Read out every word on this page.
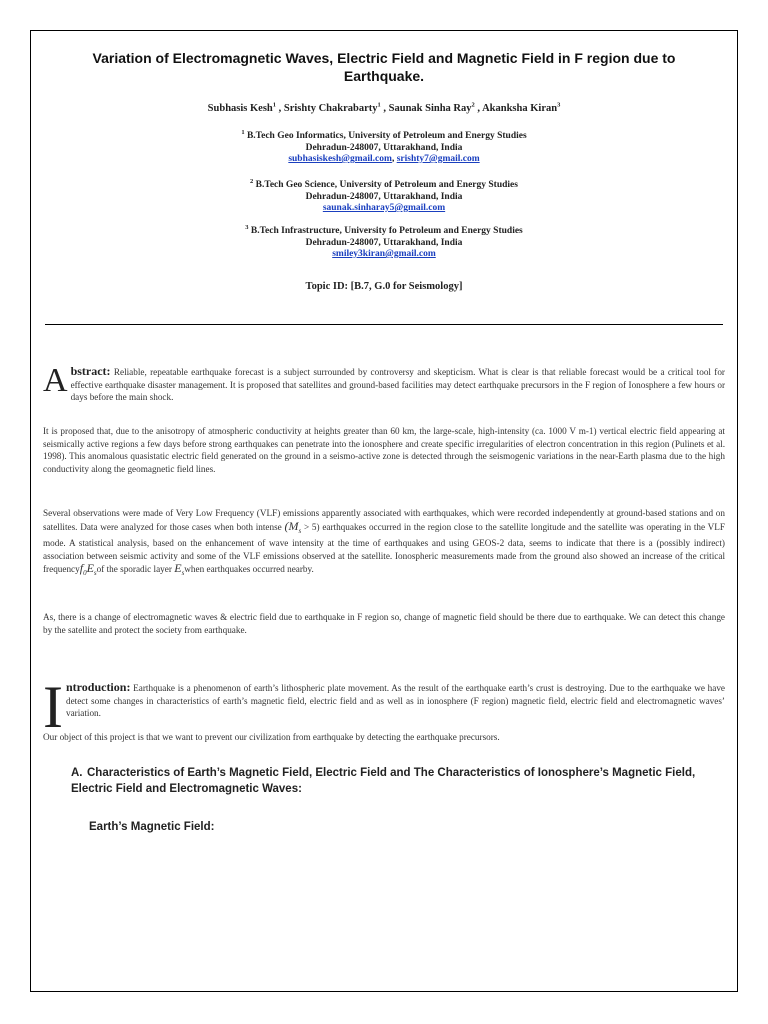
Variation of Electromagnetic Waves, Electric Field and Magnetic Field in F region due to Earthquake.
Subhasis Kesh$^1$ , Srishty Chakrabarty$^1$ , Saunak Sinha Ray$^2$ , Akanksha Kiran$^3$
$^1$ B.Tech Geo Informatics, University of Petroleum and Energy Studies
Dehradun-248007, Uttarakhand, India
subhasiskesh@gmail.com, srishty7@gmail.com
$^2$ B.Tech Geo Science, University of Petroleum and Energy Studies
Dehradun-248007, Uttarakhand, India
saunak.sinharay5@gmail.com
$^3$ B.Tech Infrastructure, University fo Petroleum and Energy Studies
Dehradun-248007, Uttarakhand, India
smiley3kiran@gmail.com
Topic ID: [B.7, G.0 for Seismology]
Abstract: Reliable, repeatable earthquake forecast is a subject surrounded by controversy and skepticism. What is clear is that reliable forecast would be a critical tool for effective earthquake disaster management. It is proposed that satellites and ground-based facilities may detect earthquake precursors in the F region of Ionosphere a few hours or days before the main shock.
It is proposed that, due to the anisotropy of atmospheric conductivity at heights greater than 60 km, the large-scale, high-intensity (ca. 1000 V m-1) vertical electric field appearing at seismically active regions a few days before strong earthquakes can penetrate into the ionosphere and create specific irregularities of electron concentration in this region (Pulinets et al. 1998). This anomalous quasistatic electric field generated on the ground in a seismo-active zone is detected through the seismogenic variations in the near-Earth plasma due to the high conductivity along the geomagnetic field lines.
Several observations were made of Very Low Frequency (VLF) emissions apparently associated with earthquakes, which were recorded independently at ground-based stations and on satellites. Data were analyzed for those cases when both intense $(M_s > 5)$ earthquakes occurred in the region close to the satellite longitude and the satellite was operating in the VLF mode. A statistical analysis, based on the enhancement of wave intensity at the time of earthquakes and using GEOS-2 data, seems to indicate that there is a (possibly indirect) association between seismic activity and some of the VLF emissions observed at the satellite. Ionospheric measurements made from the ground also showed an increase of the critical $frequencyf_0E_sof$ the sporadic layer $E_swhen$ earthquakes occurred nearby.
As, there is a change of electromagnetic waves & electric field due to earthquake in F region so, change of magnetic field should be there due to earthquake. We can detect this change by the satellite and protect the society from earthquake.
Introduction: Earthquake is a phenomenon of earth’s lithospheric plate movement. As the result of the earthquake earth’s crust is destroying. Due to the earthquake we have detect some changes in characteristics of earth’s magnetic field, electric field and as well as in ionosphere (F region) magnetic field, electric field and electromagnetic waves’ variation.
Our object of this project is that we want to prevent our civilization from earthquake by detecting the earthquake precursors.
A. Characteristics of Earth’s Magnetic Field, Electric Field and The Characteristics of Ionosphere’s Magnetic Field, Electric Field and Electromagnetic Waves:
Earth’s Magnetic Field:
